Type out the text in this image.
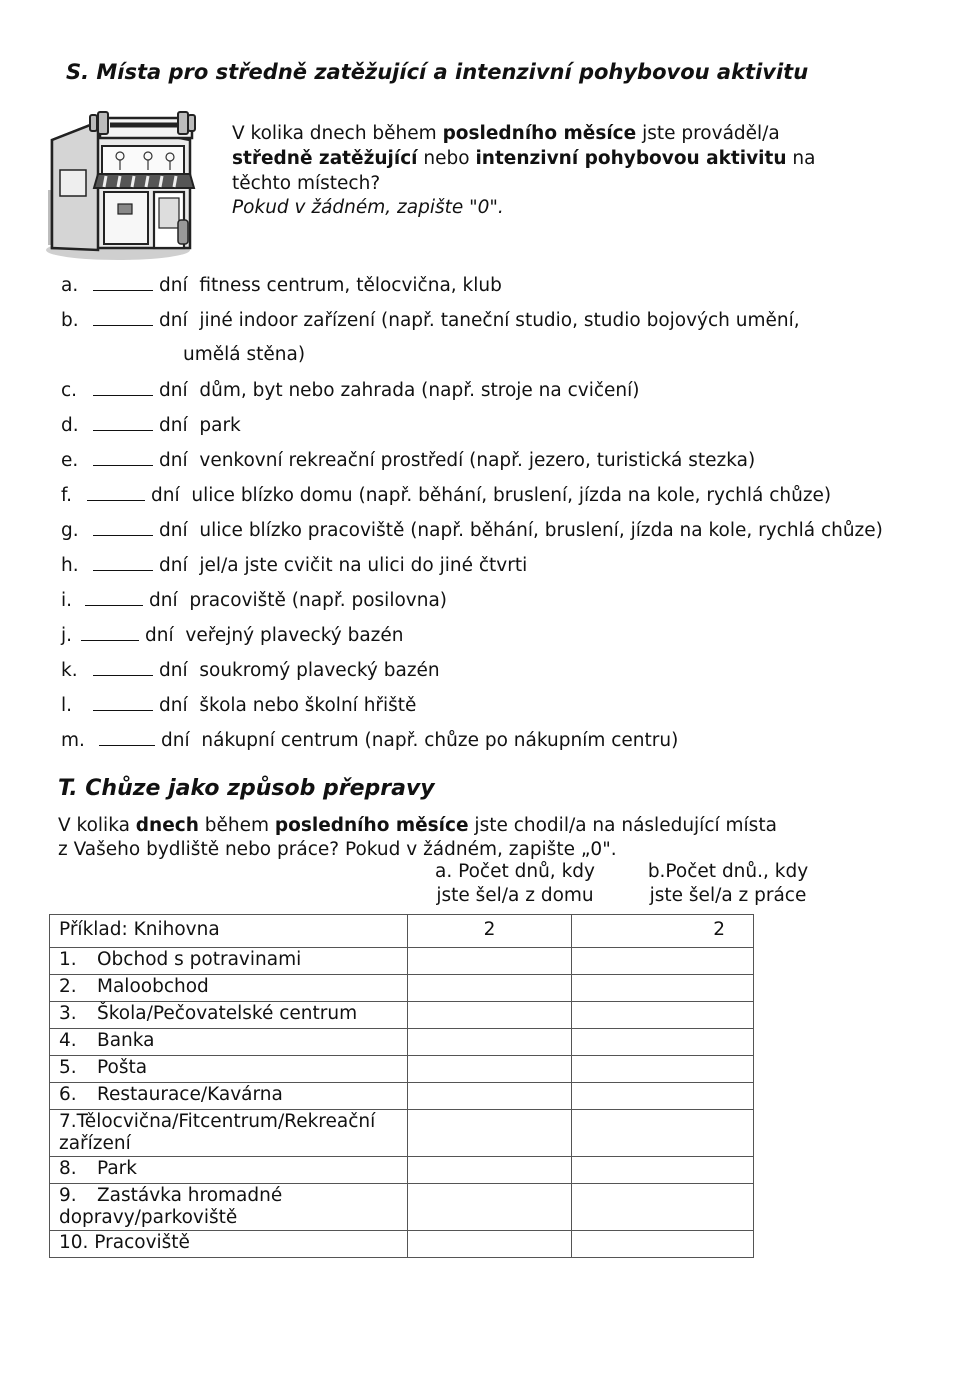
S. Místa pro středně zatěžující a intenzivní pohybovou aktivitu
V kolika dnech během posledního měsíce jste prováděl/a
středně zatěžující nebo intenzivní pohybovou aktivitu na
těchto místech?
Pokud v žádném, zapište "0".
a.	dní fitness centrum, tělocvična, klub
b.	dní jiné indoor zařízení (např. taneční studio, studio bojových umění,
umělá stěna)
c.	dní dům, byt nebo zahrada (např. stroje na cvičení)
d.	dní park
e.	dní venkovní rekreační prostředí (např. jezero, turistická stezka)
f.	dní ulice blízko domu (např. běhání, bruslení, jízda na kole, rychlá chůze)
g.	dní ulice blízko pracoviště (např. běhání, bruslení, jízda na kole, rychlá chůze)
h.	dní jel/a jste cvičit na ulici do jiné čtvrti
i.	dní pracoviště (např. posilovna)
j.	dní veřejný plavecký bazén
k.	dní soukromý plavecký bazén
l.	dní škola nebo školní hřiště
m.	dní nákupní centrum (např. chůze po nákupním centru)
T. Chůze jako způsob přepravy
V kolika dnech během posledního měsíce jste chodil/a na následující místa
z Vašeho bydliště nebo práce? Pokud v žádném, zapište „0".
a. Počet dnů, kdy
jste šel/a z domu
b.Počet dnů., kdy
jste šel/a z práce
Příklad: Knihovna	2	2
1. Obchod s potravinami		
2. Maloobchod		
3. Škola/Pečovatelské centrum		
4. Banka		
5. Pošta		
6. Restaurace/Kavárna		
7.Tělocvična/Fitcentrum/Rekreační zařízení		
8. Park		
9. Zastávka hromadné dopravy/parkoviště		
10. Pracoviště		
